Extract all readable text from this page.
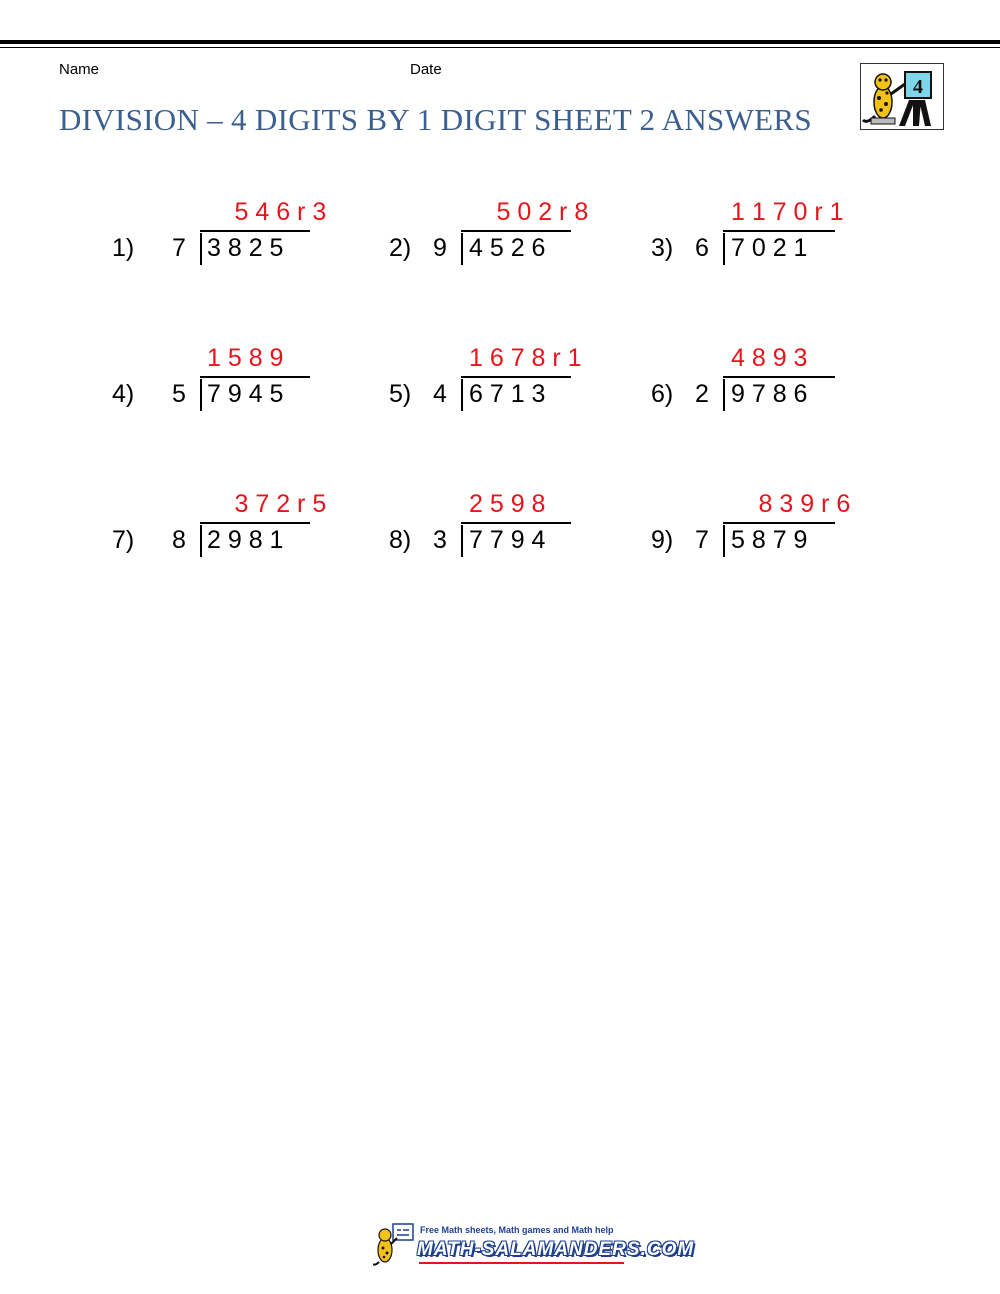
Name	Date
DIVISION – 4 DIGITS BY 1 DIGIT SHEET 2 ANSWERS
4
1) 7 3 8 2 5
5 4 6 r 3
2) 9 4 5 2 6
5 0 2 r 8
3) 6 7 0 2 1
1 1 7 0 r 1
4) 5 7 9 4 5
1 5 8 9
5) 4 6 7 1 3
1 6 7 8 r 1
6) 2 9 7 8 6
4 8 9 3
7) 8 2 9 8 1
3 7 2 r 5
8) 3 7 7 9 4
2 5 9 8
9) 7 5 8 7 9
8 3 9 r 6
Free Math sheets, Math games and Math help
MATH-SALAMANDERS.COM
